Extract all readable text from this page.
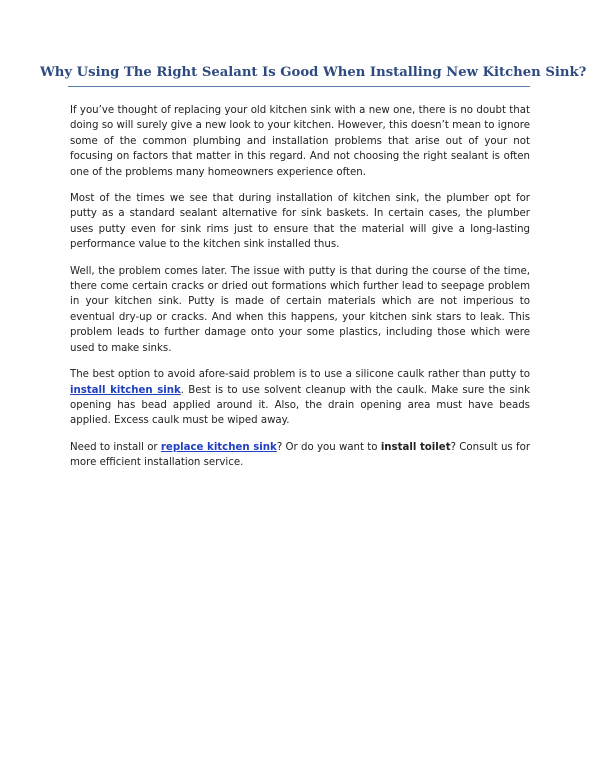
Why Using The Right Sealant Is Good When Installing New Kitchen Sink?

If you’ve thought of replacing your old kitchen sink with a new one, there is no doubt that doing so will surely give a new look to your kitchen. However, this doesn’t mean to ignore some of the common plumbing and installation problems that arise out of your not focusing on factors that matter in this regard. And not choosing the right sealant is often one of the problems many homeowners experience often.

Most of the times we see that during installation of kitchen sink, the plumber opt for putty as a standard sealant alternative for sink baskets. In certain cases, the plumber uses putty even for sink rims just to ensure that the material will give a long-lasting performance value to the kitchen sink installed thus.

Well, the problem comes later. The issue with putty is that during the course of the time, there come certain cracks or dried out formations which further lead to seepage problem in your kitchen sink. Putty is made of certain materials which are not imperious to eventual dry-up or cracks. And when this happens, your kitchen sink stars to leak. This problem leads to further damage onto your some plastics, including those which were used to make sinks.

The best option to avoid afore-said problem is to use a silicone caulk rather than putty to install kitchen sink. Best is to use solvent cleanup with the caulk. Make sure the sink opening has bead applied around it. Also, the drain opening area must have beads applied. Excess caulk must be wiped away.

Need to install or replace kitchen sink? Or do you want to install toilet? Consult us for more efficient installation service.
